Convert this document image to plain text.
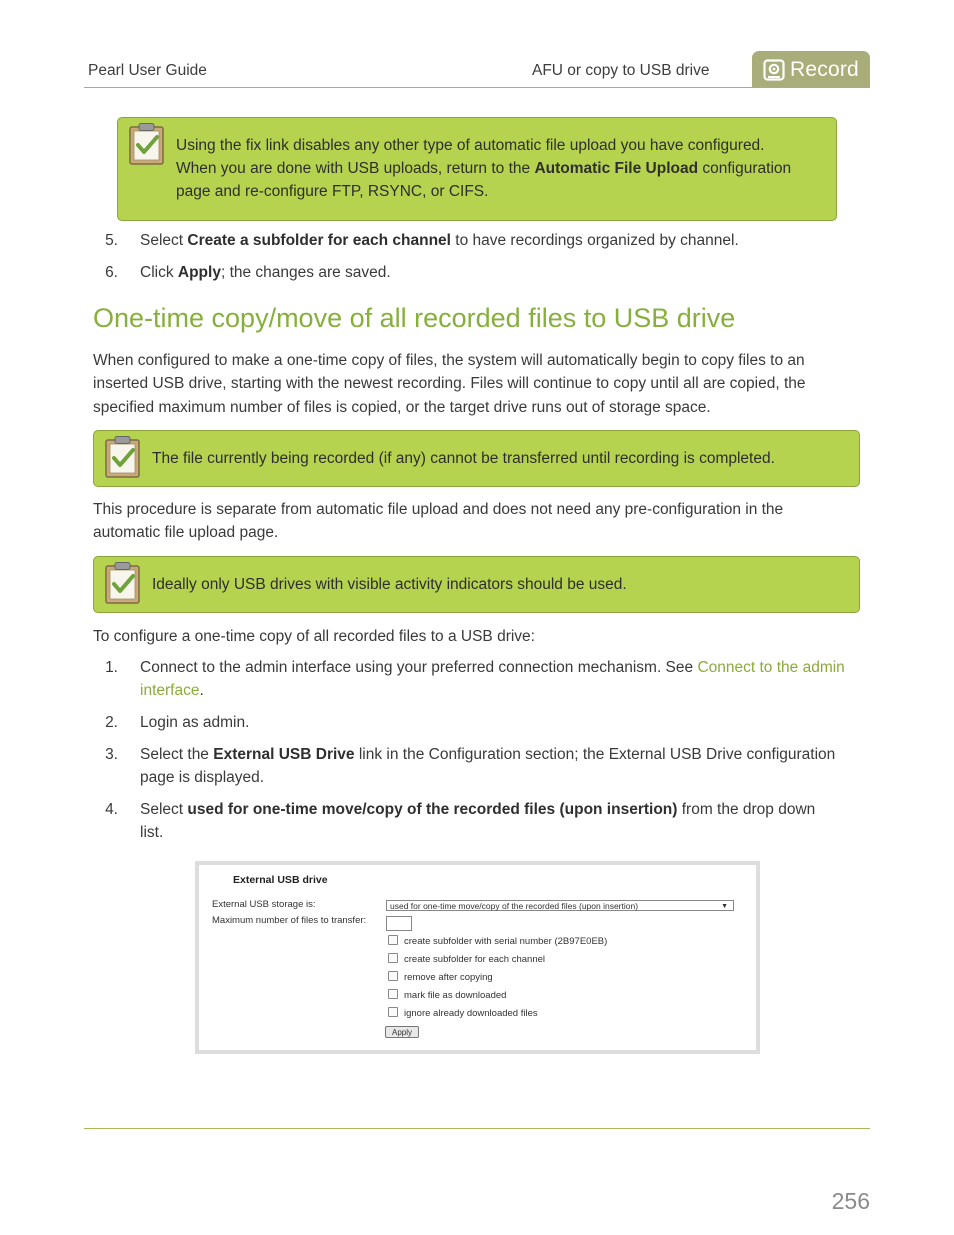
Pearl User Guide	AFU or copy to USB drive	Record
Using the fix link disables any other type of automatic file upload you have configured.
When you are done with USB uploads, return to the Automatic File Upload configuration
page and re-configure FTP, RSYNC, or CIFS.
5. Select Create a subfolder for each channel to have recordings organized by channel.
6. Click Apply; the changes are saved.
One-time copy/move of all recorded files to USB drive
When configured to make a one-time copy of files, the system will automatically begin to copy files to an
inserted USB drive, starting with the newest recording. Files will continue to copy until all are copied, the
specified maximum number of files is copied, or the target drive runs out of storage space.
The file currently being recorded (if any) cannot be transferred until recording is completed.
This procedure is separate from automatic file upload and does not need any pre-configuration in the
automatic file upload page.
Ideally only USB drives with visible activity indicators should be used.
To configure a one-time copy of all recorded files to a USB drive:
1. Connect to the admin interface using your preferred connection mechanism. See Connect to the admin
interface.
2. Login as admin.
3. Select the External USB Drive link in the Configuration section; the External USB Drive configuration
page is displayed.
4. Select used for one-time move/copy of the recorded files (upon insertion) from the drop down
list.
External USB drive
External USB storage is:	used for one-time move/copy of the recorded files (upon insertion)	▼
Maximum number of files to transfer:
create subfolder with serial number (2B97E0EB)
create subfolder for each channel
remove after copying
mark file as downloaded
ignore already downloaded files
Apply
256
